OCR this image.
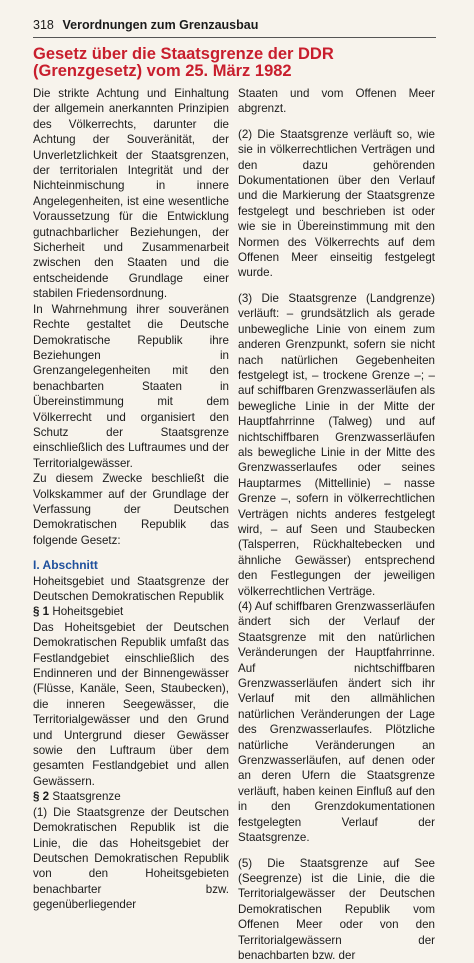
318 Verordnungen zum Grenzausbau
Gesetz über die Staatsgrenze der DDR (Grenzgesetz) vom 25. März 1982

Die strikte Achtung und Einhaltung der allgemein anerkannten Prinzipien des Völkerrechts, darunter die Achtung der Souveränität, der Unverletzlichkeit der Staatsgrenzen, der territorialen Integrität und der Nichteinmischung in innere Angelegenheiten, ist eine wesentliche Voraussetzung für die Entwicklung gutnachbarlicher Beziehungen, der Sicherheit und Zusammenarbeit zwischen den Staaten und die entscheidende Grundlage einer stabilen Friedensordnung.

In Wahrnehmung ihrer souveränen Rechte gestaltet die Deutsche Demokratische Republik ihre Beziehungen in Grenzangelegenheiten mit den benachbarten Staaten in Übereinstimmung mit dem Völkerrecht und organisiert den Schutz der Staatsgrenze einschließlich des Luftraumes und der Territorialgewässer.

Zu diesem Zwecke beschließt die Volkskammer auf der Grundlage der Verfassung der Deutschen Demokratischen Republik das folgende Gesetz:

I. Abschnitt

Hoheitsgebiet und Staatsgrenze der Deutschen Demokratischen Republik

§ 1 Hoheitsgebiet

Das Hoheitsgebiet der Deutschen Demokratischen Republik umfaßt das Festlandgebiet einschließlich des Endinneren und der Binnengewässer (Flüsse, Kanäle, Seen, Staubecken), die inneren Seegewässer, die Territorialgewässer und den Grund und Untergrund dieser Gewässer sowie den Luftraum über dem gesamten Festlandgebiet und allen Gewässern.

§ 2 Staatsgrenze

(1) Die Staatsgrenze der Deutschen Demokratischen Republik ist die Linie, die das Hoheitsgebiet der Deutschen Demokratischen Republik von den Hoheitsgebieten benachbarter bzw. gegenüberliegender

Staaten und vom Offenen Meer abgrenzt.

(2) Die Staatsgrenze verläuft so, wie sie in völkerrechtlichen Verträgen und den dazu gehörenden Dokumentationen über den Verlauf und die Markierung der Staatsgrenze festgelegt und beschrieben ist oder wie sie in Übereinstimmung mit den Normen des Völkerrechts auf dem Offenen Meer einseitig festgelegt wurde.

(3) Die Staatsgrenze (Landgrenze) verläuft: – grundsätzlich als gerade unbewegliche Linie von einem zum anderen Grenzpunkt, sofern sie nicht nach natürlichen Gegebenheiten festgelegt ist, – trockene Grenze –; – auf schiffbaren Grenzwasserläufen als bewegliche Linie in der Mitte der Hauptfahrrinne (Talweg) und auf nichtschiffbaren Grenzwasserläufen als bewegliche Linie in der Mitte des Grenzwasserlaufes oder seines Hauptarmes (Mittellinie) – nasse Grenze –, sofern in völkerrechtlichen Verträgen nichts anderes festgelegt wird, – auf Seen und Staubecken (Talsperren, Rückhaltebecken und ähnliche Gewässer) entsprechend den Festlegungen der jeweiligen völkerrechtlichen Verträge.

(4) Auf schiffbaren Grenzwasserläufen ändert sich der Verlauf der Staatsgrenze mit den natürlichen Veränderungen der Hauptfahrrinne. Auf nichtschiffbaren Grenzwasserläufen ändert sich ihr Verlauf mit den allmählichen natürlichen Veränderungen der Lage des Grenzwasserlaufes. Plötzliche natürliche Veränderungen an Grenzwasserläufen, auf denen oder an deren Ufern die Staatsgrenze verläuft, haben keinen Einfluß auf den in den Grenzdokumentationen festgelegten Verlauf der Staatsgrenze.

(5) Die Staatsgrenze auf See (Seegrenze) ist die Linie, die die Territorialgewässer der Deutschen Demokratischen Republik vom Offenen Meer oder von den Territorialgewässern der benachbarten bzw. der
